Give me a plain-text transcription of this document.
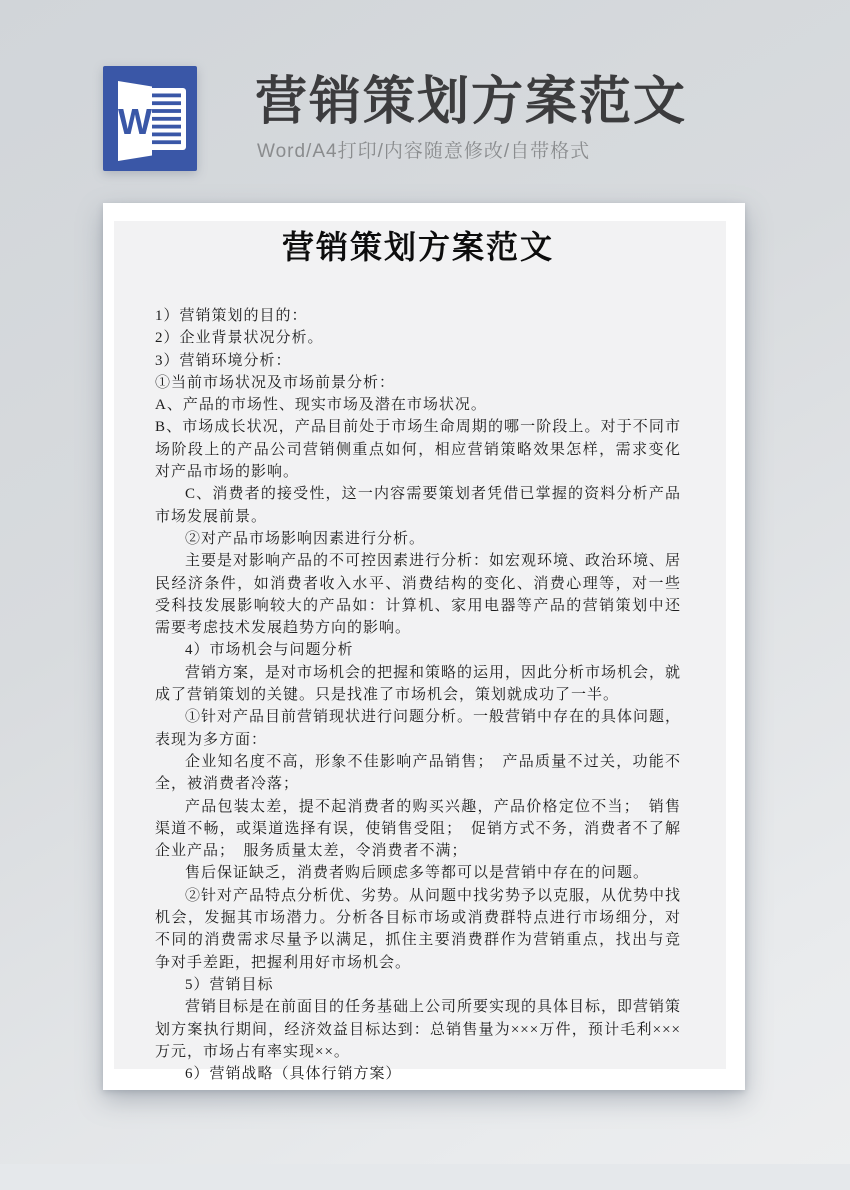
W 营销策划方案范文

Word/A4打印/内容随意修改/自带格式

营销策划方案范文

1）营销策划的目的：

2）企业背景状况分析。

3）营销环境分析：

①当前市场状况及市场前景分析：

A、产品的市场性、现实市场及潜在市场状况。

B、市场成长状况，产品目前处于市场生命周期的哪一阶段上。对于不同市场阶段上的产品公司营销侧重点如何，相应营销策略效果怎样，需求变化对产品市场的影响。

C、消费者的接受性，这一内容需要策划者凭借已掌握的资料分析产品市场发展前景。

②对产品市场影响因素进行分析。

主要是对影响产品的不可控因素进行分析：如宏观环境、政治环境、居民经济条件，如消费者收入水平、消费结构的变化、消费心理等，对一些受科技发展影响较大的产品如：计算机、家用电器等产品的营销策划中还需要考虑技术发展趋势方向的影响。

4）市场机会与问题分析

营销方案，是对市场机会的把握和策略的运用，因此分析市场机会，就成了营销策划的关键。只是找准了市场机会，策划就成功了一半。

①针对产品目前营销现状进行问题分析。一般营销中存在的具体问题，表现为多方面：

企业知名度不高，形象不佳影响产品销售；　产品质量不过关，功能不全，被消费者冷落；

产品包装太差，提不起消费者的购买兴趣，产品价格定位不当；　销售渠道不畅，或渠道选择有误，使销售受阻；　促销方式不务，消费者不了解企业产品；　服务质量太差，令消费者不满；

售后保证缺乏，消费者购后顾虑多等都可以是营销中存在的问题。

②针对产品特点分析优、劣势。从问题中找劣势予以克服，从优势中找机会，发掘其市场潜力。分析各目标市场或消费群特点进行市场细分，对不同的消费需求尽量予以满足，抓住主要消费群作为营销重点，找出与竞争对手差距，把握利用好市场机会。

5）营销目标

营销目标是在前面目的任务基础上公司所要实现的具体目标，即营销策划方案执行期间，经济效益目标达到：总销售量为×××万件，预计毛利×××万元，市场占有率实现××。

6）营销战略（具体行销方案）
